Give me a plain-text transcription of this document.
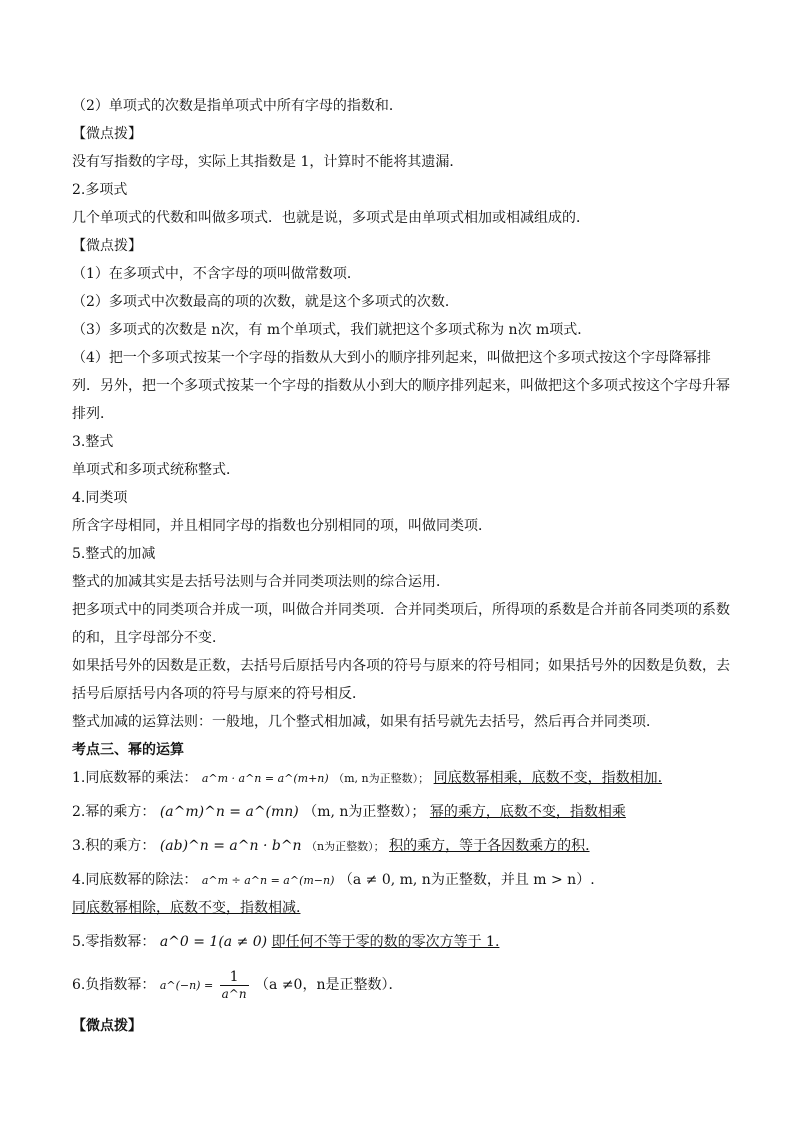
（2）单项式的次数是指单项式中所有字母的指数和．
【微点拨】
没有写指数的字母，实际上其指数是 1，计算时不能将其遗漏．
2.多项式
几个单项式的代数和叫做多项式．也就是说，多项式是由单项式相加或相减组成的．
【微点拨】
（1）在多项式中，不含字母的项叫做常数项．
（2）多项式中次数最高的项的次数，就是这个多项式的次数．
（3）多项式的次数是 n次，有 m个单项式，我们就把这个多项式称为 n次 m项式．
（4）把一个多项式按某一个字母的指数从大到小的顺序排列起来，叫做把这个多项式按这个字母降幂排列．另外，把一个多项式按某一个字母的指数从小到大的顺序排列起来，叫做把这个多项式按这个字母升幂排列．
3.整式
单项式和多项式统称整式．
4.同类项
所含字母相同，并且相同字母的指数也分别相同的项，叫做同类项．
5.整式的加减
整式的加减其实是去括号法则与合并同类项法则的综合运用．
把多项式中的同类项合并成一项，叫做合并同类项．合并同类项后，所得项的系数是合并前各同类项的系数的和，且字母部分不变．
如果括号外的因数是正数，去括号后原括号内各项的符号与原来的符号相同；如果括号外的因数是负数，去括号后原括号内各项的符号与原来的符号相反．
整式加减的运算法则：一般地，几个整式相加减，如果有括号就先去括号，然后再合并同类项．
考点三、幂的运算
1.同底数幂的乘法： a^m · a^n = a^(m+n) （m, n为正整数）； 同底数幂相乘，底数不变，指数相加.
2.幂的乘方： (a^m)^n = a^(mn) （m, n为正整数）； 幂的乘方，底数不变，指数相乘
3.积的乘方： (ab)^n = a^n · b^n （n为正整数）； 积的乘方，等于各因数乘方的积.
4.同底数幂的除法： a^m ÷ a^n = a^(m−n) （a ≠ 0, m, n为正整数，并且 m > n）.
同底数幂相除，底数不变，指数相减.
5.零指数幂： a^0 = 1(a ≠ 0) 即任何不等于零的数的零次方等于 1.
6.负指数幂： a^(−n) = $\frac{1}{a\^{}n} (a \ne 0$，n是正整数）．
【微点拨】
